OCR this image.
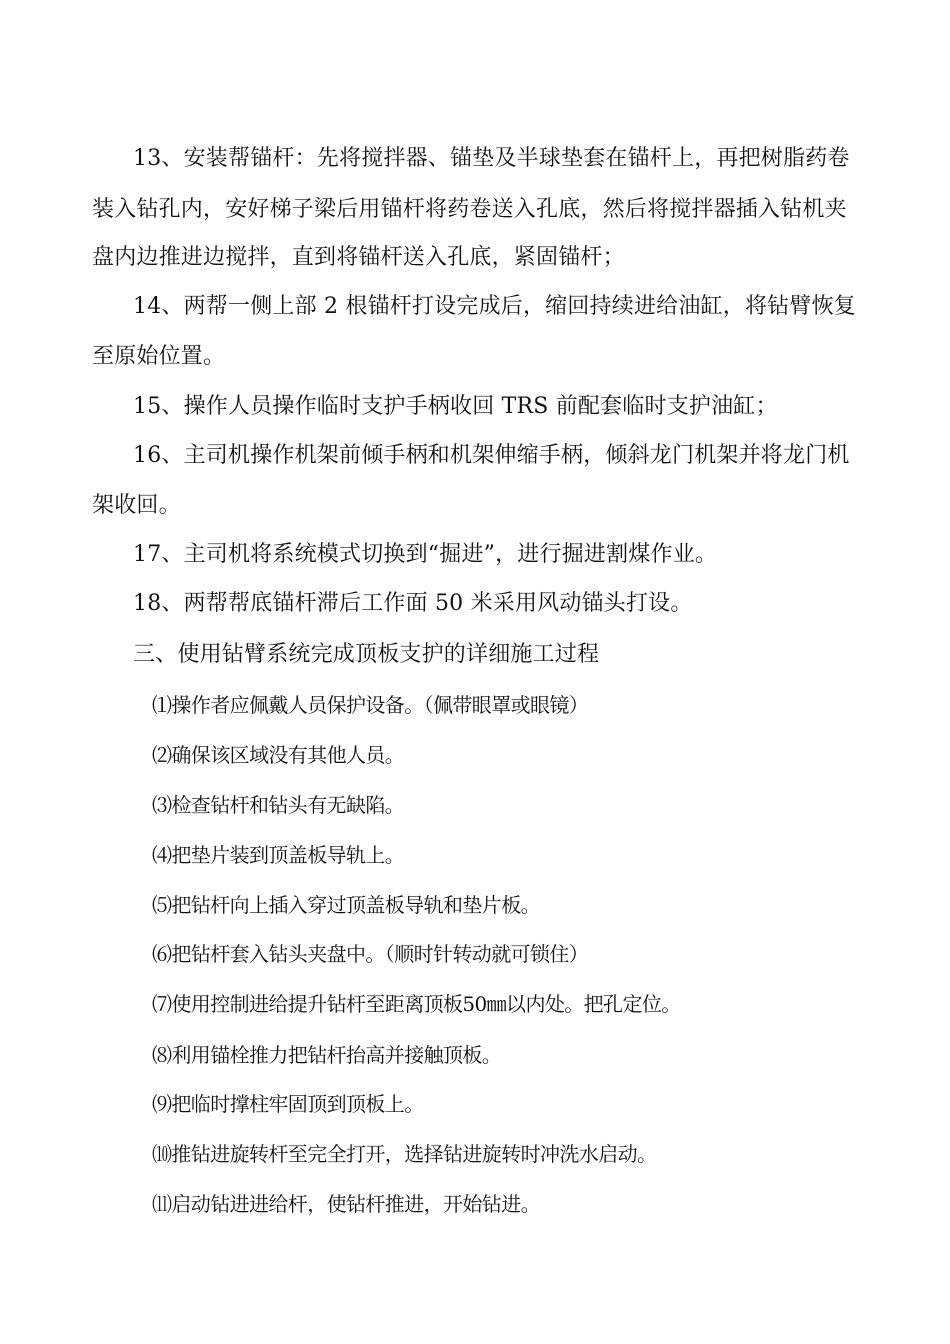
13、安装帮锚杆：先将搅拌器、锚垫及半球垫套在锚杆上，再把树脂药卷
装入钻孔内，安好梯子梁后用锚杆将药卷送入孔底，然后将搅拌器插入钻机夹
盘内边推进边搅拌，直到将锚杆送入孔底，紧固锚杆；
14、两帮一侧上部 2 根锚杆打设完成后，缩回持续进给油缸，将钻臂恢复
至原始位置。
15、操作人员操作临时支护手柄收回 TRS 前配套临时支护油缸；
16、主司机操作机架前倾手柄和机架伸缩手柄，倾斜龙门机架并将龙门机
架收回。
17、主司机将系统模式切换到“掘进”，进行掘进割煤作业。
18、两帮帮底锚杆滞后工作面 50 米采用风动锚头打设。
三、使用钻臂系统完成顶板支护的详细施工过程
⑴操作者应佩戴人员保护设备。（佩带眼罩或眼镜）
⑵确保该区域没有其他人员。
⑶检查钻杆和钻头有无缺陷。
⑷把垫片装到顶盖板导轨上。
⑸把钻杆向上插入穿过顶盖板导轨和垫片板。
⑹把钻杆套入钻头夹盘中。（顺时针转动就可锁住）
⑺使用控制进给提升钻杆至距离顶板50㎜以内处。把孔定位。
⑻利用锚栓推力把钻杆抬高并接触顶板。
⑼把临时撑柱牢固顶到顶板上。
⑽推钻进旋转杆至完全打开，选择钻进旋转时冲洗水启动。
⑾启动钻进进给杆，使钻杆推进，开始钻进。
